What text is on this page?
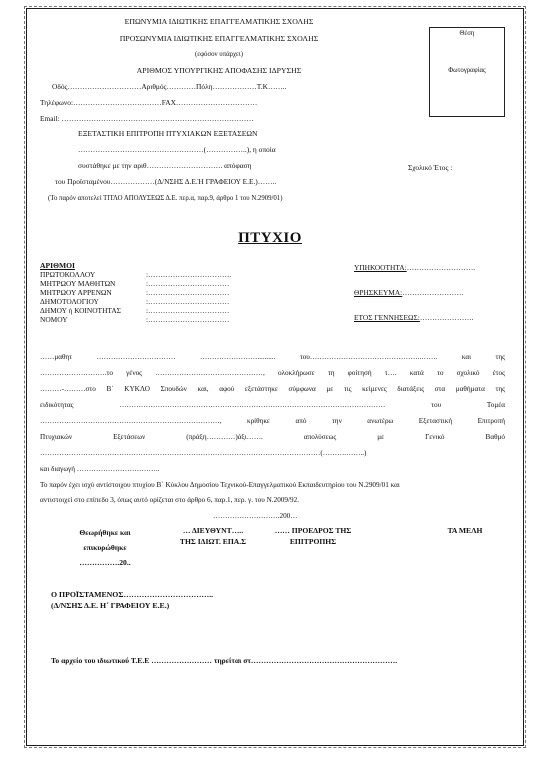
ΕΠΩΝΥΜΙΑ ΙΔΙΩΤΙΚΗΣ ΕΠΑΓΓΕΛΜΑΤΙΚΗΣ ΣΧΟΛΗΣ
ΠΡΟΣΩΝΥΜΙΑ ΙΔΙΩΤΙΚΗΣ ΕΠΑΓΓΕΛΜΑΤΙΚΗΣ ΣΧΟΛΗΣ
(εφόσον υπάρχει)
ΑΡΙΘΜΟΣ ΥΠΟΥΡΓΙΚΗΣ ΑΠΟΦΑΣΗΣ ΙΔΡΥΣΗΣ
Οδός…………………………Αριθμός…………Πόλη………………Τ.Κ……..
Τηλέφωνο:………………………………FAX……………………………
Email: ……………………………………………………………………
ΕΞΕΤΑΣΤΙΚΗ ΕΠΙΤΡΟΠΗ ΠΤΥΧΙΑΚΩΝ ΕΞΕΤΑΣΕΩΝ
……………………………………………(……………..), η οποία
συστάθηκε με την αριθ…………………………. απόφαση
του Προϊσταμένου………………(Δ/ΝΣΗΣ Δ.Ε.Ή ΓΡΑΦΕΙΟΥ Ε.Ε.)……..
(Το παρόν αποτελεί ΤΙΤΛΟ ΑΠΟΛΥΣΕΩΣ Δ.Ε. περ.α, παρ.9, άρθρο 1 του Ν.2909/01)
Σχολικό Έτος :
Θέση
Φωτογραφίας
ΠΤΥΧΙΟ
ΑΡΙΘΜΟΙ
ΠΡΩΤΟΚΟΛΛΟΥ	:…………………………….
ΜΗΤΡΩΟΥ ΜΑΘΗΤΩΝ	:……………………………
ΜΗΤΡΩΟΥ ΑΡΡΕΝΩΝ	:……………………………
ΔΗΜΟΤΟΛΟΓΙΟΥ	:……………………………
ΔΗΜΟΥ ή ΚΟΙΝΟΤΗΤΑΣ	:……………………………
ΝΟΜΟΥ	:……………………………
ΥΠΗΚΟΟΤΗΤΑ:……………………….
ΘΡΗΣΚΕΥΜΑ:…………………….
ΕΤΟΣ ΓΕΝΝΗΣΕΩΣ:………………….
……μαθητ …………………………… …………………….......... του………………………………………..……. και της
……………………….το γένος ………………………………………, ολοκλήρωσε τη φοίτησή τ…. κατά το σχολικό έτος
………-………στο Β΄ ΚΥΚΛΟ Σπουδών και, αφού εξετάστηκε σύμφωνα με τις κείμενες διατάξεις στα μαθήματα της
ειδικότητας ………………………………………………………………………………………………… του Τομέα
…………………………………………………………………, κρίθηκε από την ανωτέρω Εξεταστική Επιτροπή
Πτυχιακών Εξετάσεων (πράξη…………)άξι……. απολύσεως με Γενικό Βαθμό
………………………………………………………………………………………………………(……….……..)
και διαγωγή ……………………………..
Το παρόν έχει ισχύ αντίστοιχου πτυχίου Β΄ Κύκλου Δημοσίου Τεχνικού-Επαγγελματικού Εκπαιδευτηρίου του Ν.2909/01 και
αντιστοιχεί στο επίπεδο 3, όπως αυτό ορίζεται στο άρθρο 6, παρ.1, περ. γ. του Ν.2009/92.
……………………….200…
Θεωρήθηκε και
επικυρώθηκε
…………….20..
… ΔΙΕΥΘΥΝΤ…..
ΤΗΣ ΙΔΙΩΤ. ΕΠΑ.Σ
…… ΠΡΟΕΔΡΟΣ ΤΗΣ
ΕΠΙΤΡΟΠΗΣ
ΤΑ ΜΕΛΗ
Ο ΠΡΟΪΣΤΑΜΕΝΟΣ……………………………..
(Δ/ΝΣΗΣ Δ.Ε. Η΄ ΓΡΑΦΕΙΟΥ Ε.Ε.)
Το αρχείο του ιδιωτικού Τ.Ε.Ε …………………… τηρείται στ………………………………………………….
